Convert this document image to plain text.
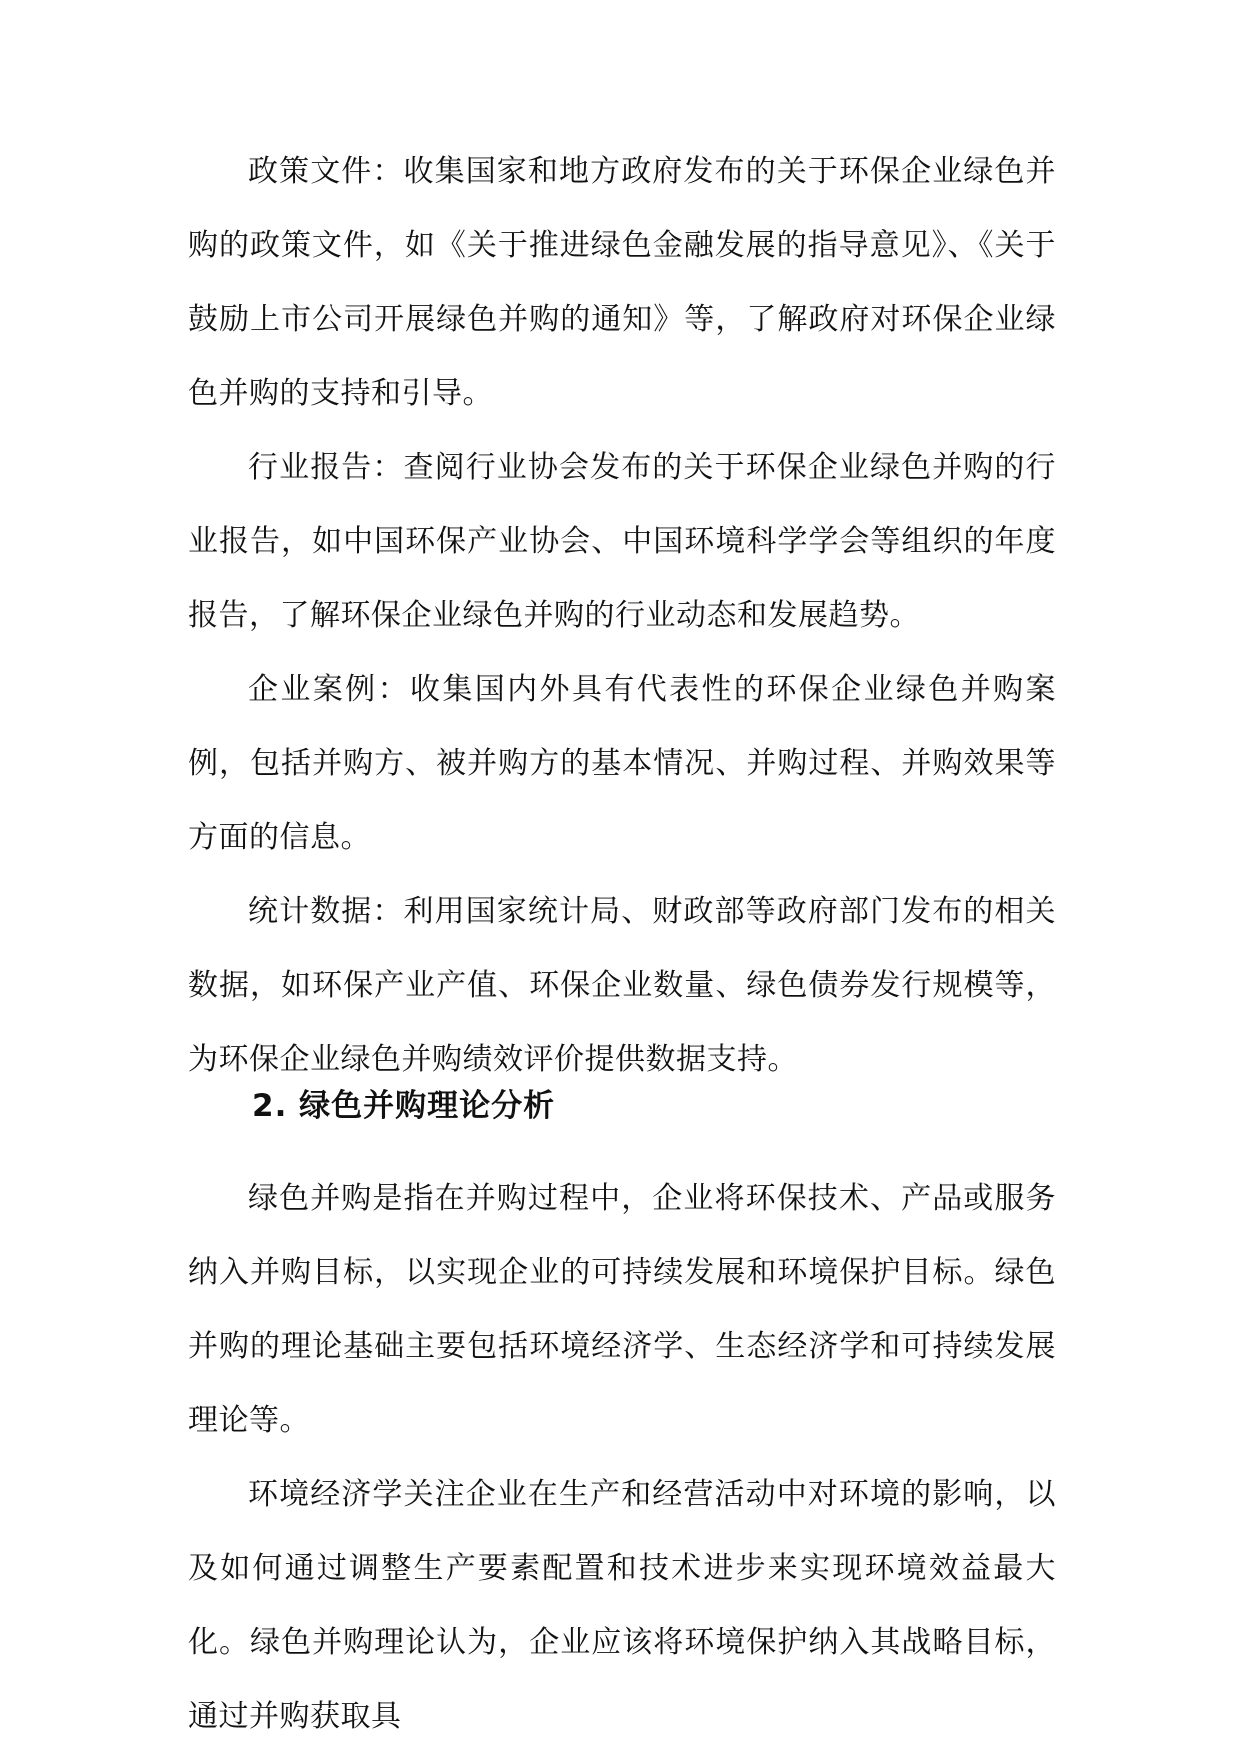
政策文件：收集国家和地方政府发布的关于环保企业绿色并购的政策文件，如《关于推进绿色金融发展的指导意见》、《关于鼓励上市公司开展绿色并购的通知》等，了解政府对环保企业绿色并购的支持和引导。

行业报告：查阅行业协会发布的关于环保企业绿色并购的行业报告，如中国环保产业协会、中国环境科学学会等组织的年度报告，了解环保企业绿色并购的行业动态和发展趋势。

企业案例：收集国内外具有代表性的环保企业绿色并购案例，包括并购方、被并购方的基本情况、并购过程、并购效果等方面的信息。

统计数据：利用国家统计局、财政部等政府部门发布的相关数据，如环保产业产值、环保企业数量、绿色债券发行规模等，为环保企业绿色并购绩效评价提供数据支持。

2. 绿色并购理论分析

绿色并购是指在并购过程中，企业将环保技术、产品或服务纳入并购目标，以实现企业的可持续发展和环境保护目标。绿色并购的理论基础主要包括环境经济学、生态经济学和可持续发展理论等。

环境经济学关注企业在生产和经营活动中对环境的影响，以及如何通过调整生产要素配置和技术进步来实现环境效益最大化。绿色并购理论认为，企业应该将环境保护纳入其战略目标，通过并购获取具
